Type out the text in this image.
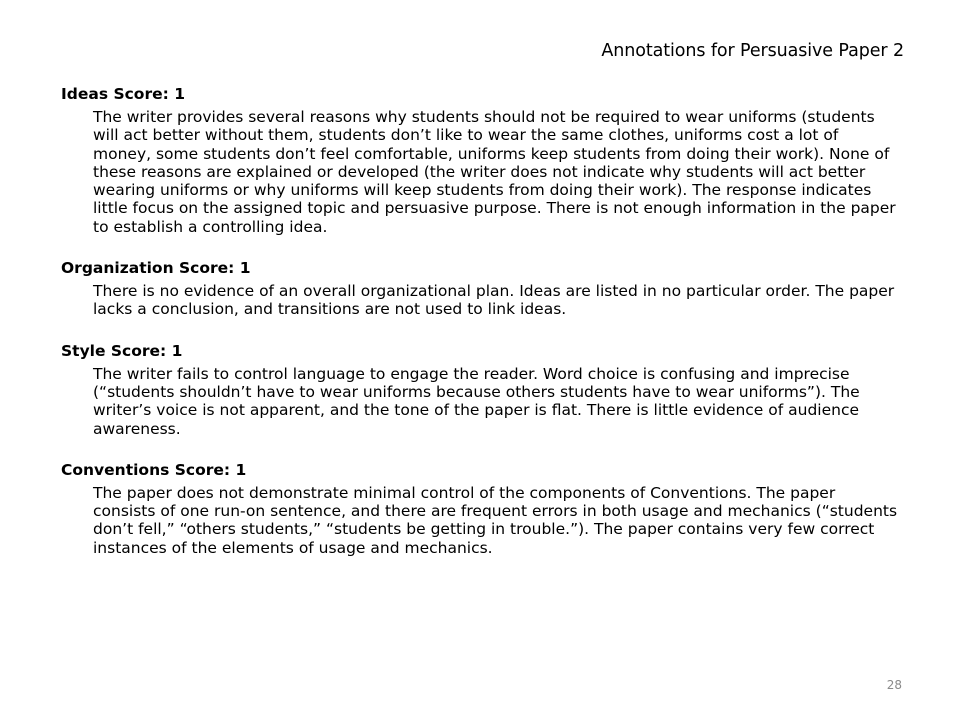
Annotations for Persuasive Paper 2

Ideas Score: 1

The writer provides several reasons why students should not be required to wear uniforms (students will act better without them, students don’t like to wear the same clothes, uniforms cost a lot of money, some students don’t feel comfortable, uniforms keep students from doing their work). None of these reasons are explained or developed (the writer does not indicate why students will act better wearing uniforms or why uniforms will keep students from doing their work). The response indicates little focus on the assigned topic and persuasive purpose. There is not enough information in the paper to establish a controlling idea.

Organization Score: 1

There is no evidence of an overall organizational plan. Ideas are listed in no particular order. The paper lacks a conclusion, and transitions are not used to link ideas.

Style Score: 1

The writer fails to control language to engage the reader. Word choice is confusing and imprecise (“students shouldn’t have to wear uniforms because others students have to wear uniforms”). The writer’s voice is not apparent, and the tone of the paper is flat. There is little evidence of audience awareness.

Conventions Score: 1

The paper does not demonstrate minimal control of the components of Conventions. The paper consists of one run-on sentence, and there are frequent errors in both usage and mechanics (“students don’t fell,” “others students,” “students be getting in trouble.”). The paper contains very few correct instances of the elements of usage and mechanics.

28
